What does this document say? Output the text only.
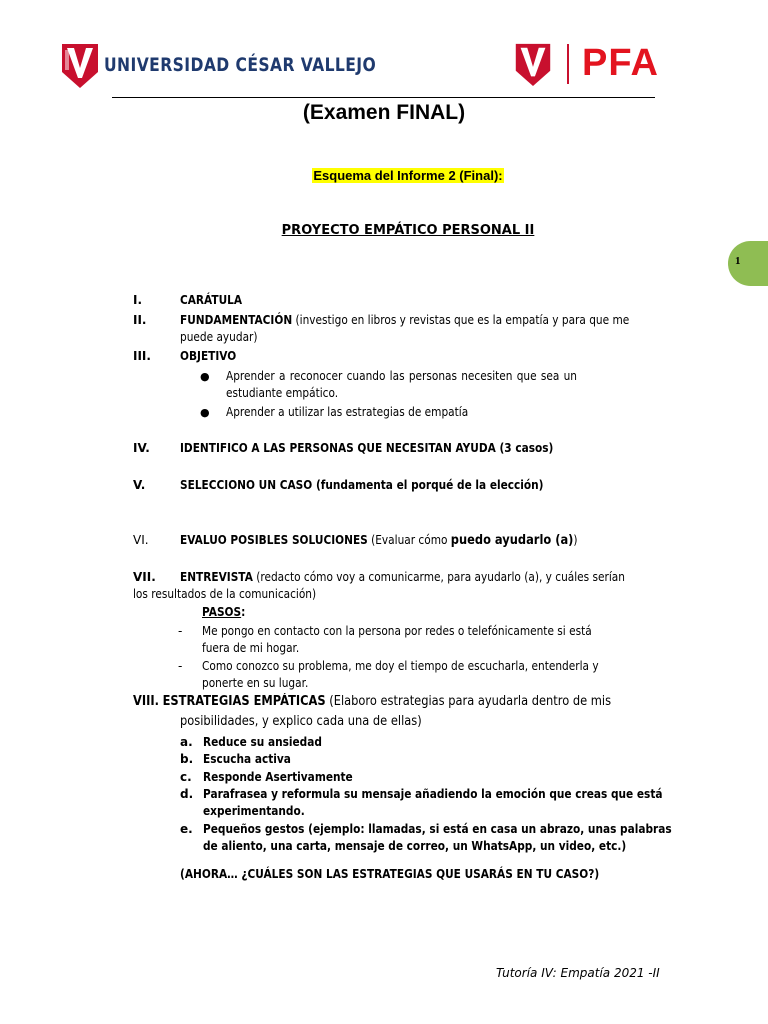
UNIVERSIDAD CÉSAR VALLEJO	PFA
(Examen FINAL)
Esquema del Informe 2 (Final):
PROYECTO EMPÁTICO PERSONAL II
1
I.	CARÁTULA
II.	FUNDAMENTACIÓN (investigo en libros y revistas que es la empatía y para que me
puede ayudar)
III.	OBJETIVO
● Aprender a reconocer cuando las personas necesiten que sea un
estudiante empático.
● Aprender a utilizar las estrategias de empatía
IV.	IDENTIFICO A LAS PERSONAS QUE NECESITAN AYUDA (3 casos)
V.	SELECCIONO UN CASO (fundamenta el porqué de la elección)
VI.	EVALUO POSIBLES SOLUCIONES (Evaluar cómo puedo ayudarlo (a))
VII.	ENTREVISTA (redacto cómo voy a comunicarme, para ayudarlo (a), y cuáles serían
los resultados de la comunicación)
PASOS:
- Me pongo en contacto con la persona por redes o telefónicamente si está
fuera de mi hogar.
- Como conozco su problema, me doy el tiempo de escucharla, entenderla y
ponerte en su lugar.
VIII. ESTRATEGIAS EMPÁTICAS (Elaboro estrategias para ayudarla dentro de mis
posibilidades, y explico cada una de ellas)
a. Reduce su ansiedad
b. Escucha activa
c. Responde Asertivamente
d. Parafrasea y reformula su mensaje añadiendo la emoción que creas que está
experimentando.
e. Pequeños gestos (ejemplo: llamadas, si está en casa un abrazo, unas palabras
de aliento, una carta, mensaje de correo, un WhatsApp, un video, etc.)
(AHORA… ¿CUÁLES SON LAS ESTRATEGIAS QUE USARÁS EN TU CASO?)
Tutoría IV: Empatía 2021 -II
